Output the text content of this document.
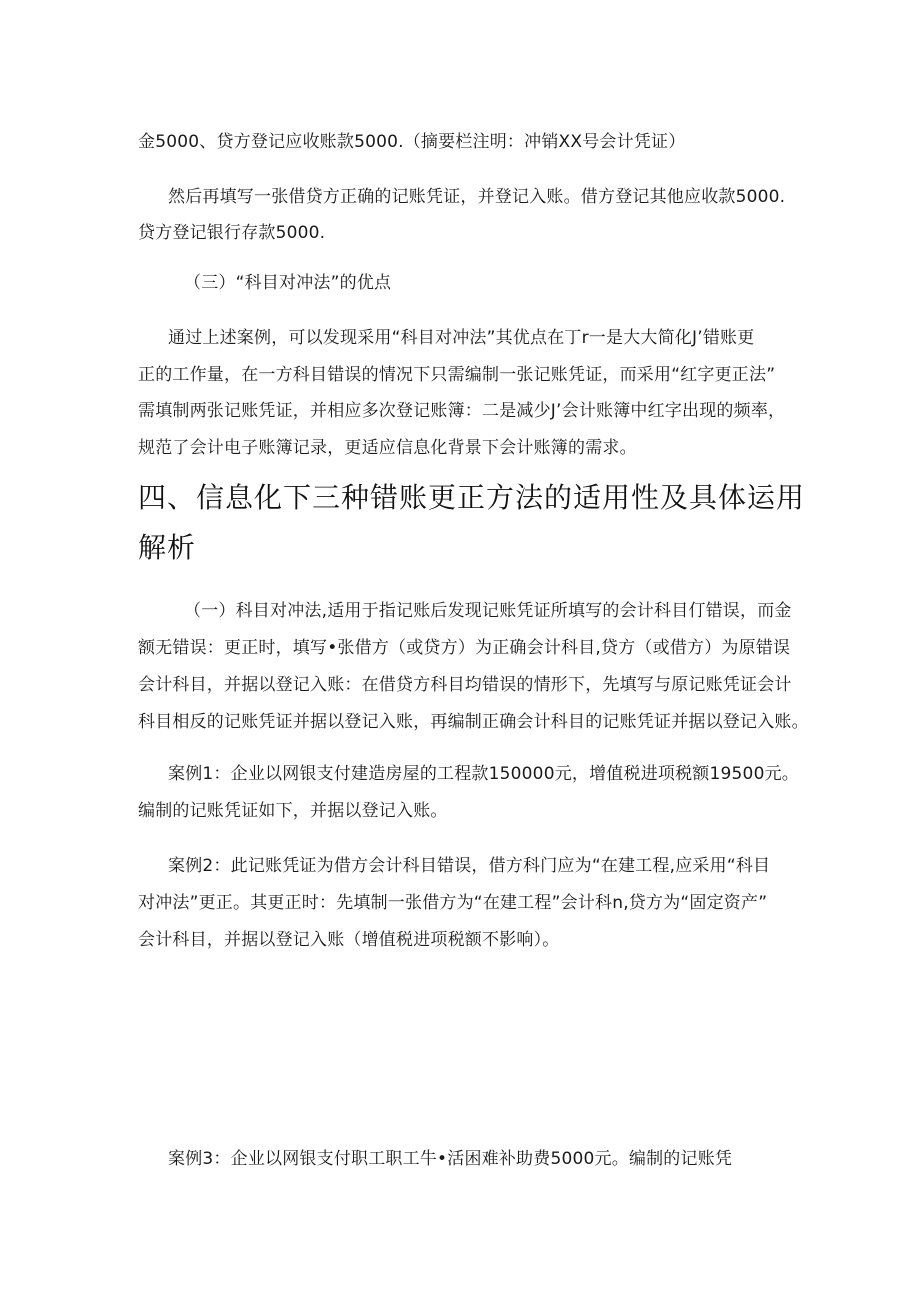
金5000、贷方登记应收账款5000.（摘要栏注明：冲销XX号会计凭证）
然后再填写一张借贷方正确的记账凭证，并登记入账。借方登记其他应收款5000.
贷方登记银行存款5000.
（三）“科目对冲法”的优点
通过上述案例，可以发现采用“科目对冲法”其优点在丁r一是大大简化J’错账更
正的工作量，在一方科目错误的情况下只需编制一张记账凭证，而采用“红字更正法”
需填制两张记账凭证，并相应多次登记账簿：二是减少J’会计账簿中红字出现的频率，
规范了会计电子账簿记录，更适应信息化背景下会计账簿的需求。
四、信息化下三种错账更正方法的适用性及具体运用
解析
（一）科目对冲法,适用于指记账后发现记账凭证所填写的会计科目仃错误，而金
额无错误：更正时，填写•张借方（或贷方）为正确会计科目,贷方（或借方）为原错误
会计科目，并据以登记入账：在借贷方科目均错误的情形下，先填写与原记账凭证会计
科目相反的记账凭证并据以登记入账，再编制正确会计科目的记账凭证并据以登记入账。
案例1：企业以网银支付建造房屋的工程款150000元，增值税进项税额19500元。
编制的记账凭证如下，并据以登记入账。
案例2：此记账凭证为借方会计科目错误，借方科门应为“在建工程,应采用“科目
对冲法”更正。其更正时：先填制一张借方为“在建工程”会计科n,贷方为“固定资产”
会计科目，并据以登记入账（增值税进项税额不影响）。
案例3：企业以网银支付职工职工牛•活困难补助费5000元。编制的记账凭
